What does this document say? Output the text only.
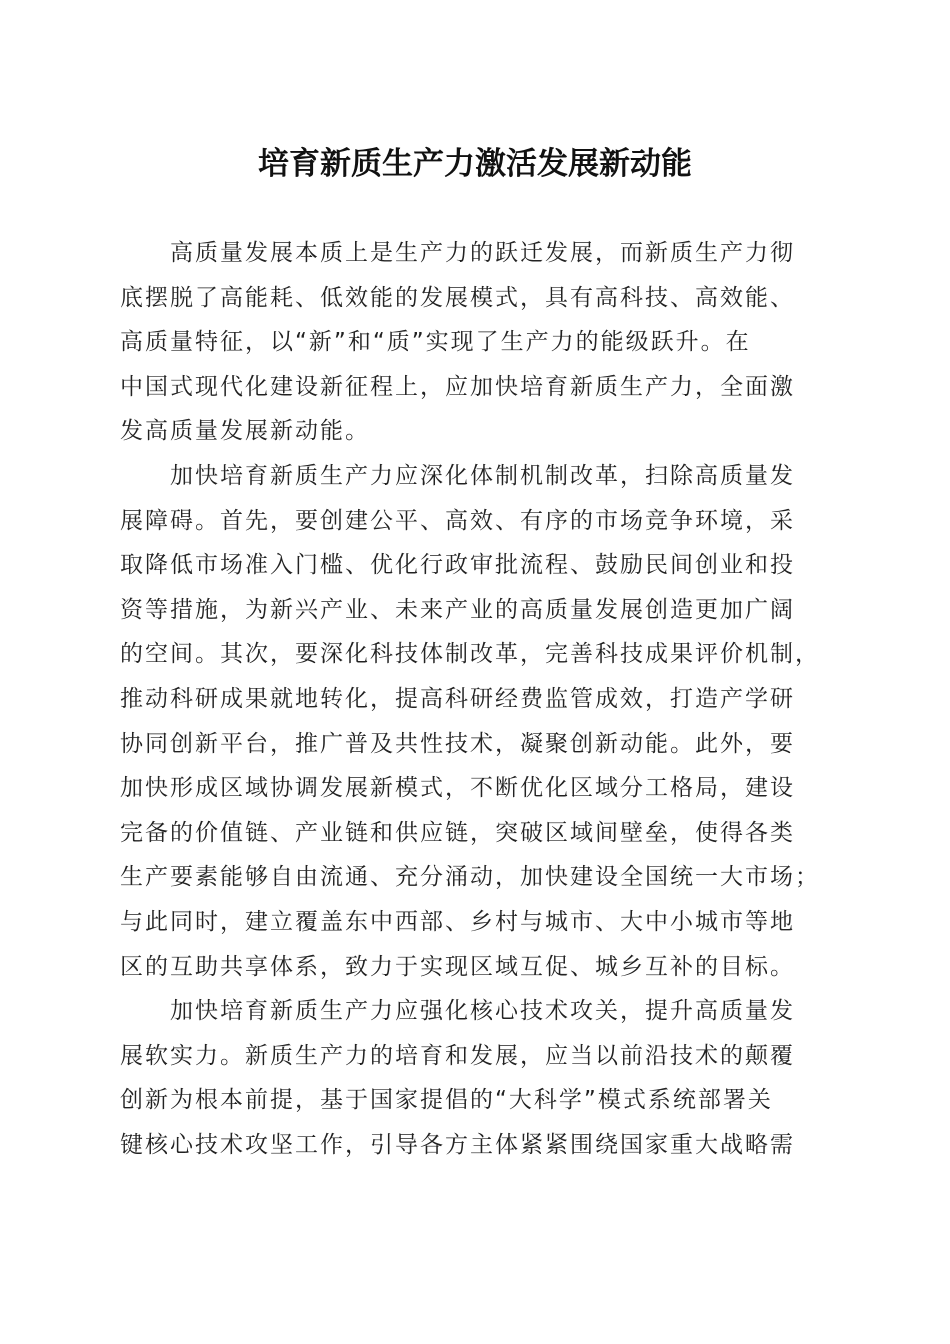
培育新质生产力激活发展新动能
高质量发展本质上是生产力的跃迁发展，而新质生产力彻
底摆脱了高能耗、低效能的发展模式，具有高科技、高效能、
高质量特征，以“新”和“质”实现了生产力的能级跃升。在
中国式现代化建设新征程上，应加快培育新质生产力，全面激
发高质量发展新动能。
加快培育新质生产力应深化体制机制改革，扫除高质量发
展障碍。首先，要创建公平、高效、有序的市场竞争环境，采
取降低市场准入门槛、优化行政审批流程、鼓励民间创业和投
资等措施，为新兴产业、未来产业的高质量发展创造更加广阔
的空间。其次，要深化科技体制改革，完善科技成果评价机制，
推动科研成果就地转化，提高科研经费监管成效，打造产学研
协同创新平台，推广普及共性技术，凝聚创新动能。此外，要
加快形成区域协调发展新模式，不断优化区域分工格局，建设
完备的价值链、产业链和供应链，突破区域间壁垒，使得各类
生产要素能够自由流通、充分涌动，加快建设全国统一大市场；
与此同时，建立覆盖东中西部、乡村与城市、大中小城市等地
区的互助共享体系，致力于实现区域互促、城乡互补的目标。
加快培育新质生产力应强化核心技术攻关，提升高质量发
展软实力。新质生产力的培育和发展，应当以前沿技术的颠覆
创新为根本前提，基于国家提倡的“大科学”模式系统部署关
键核心技术攻坚工作，引导各方主体紧紧围绕国家重大战略需
